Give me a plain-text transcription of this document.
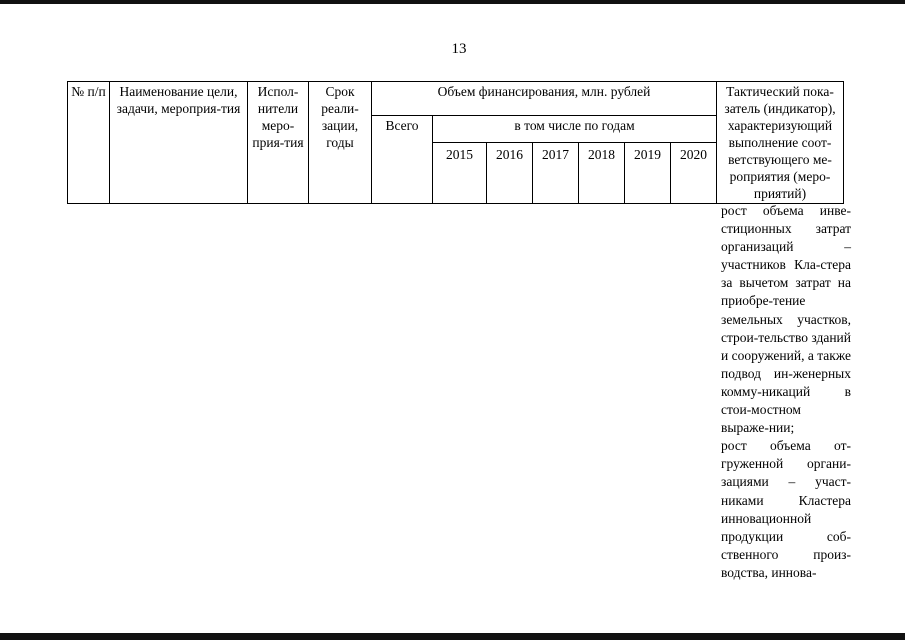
13
№ п/п	Наименование цели, задачи, мероприя-тия	Испол-нители меро-прия-тия	Срок реали-зации, годы	Объем финансирования, млн. рублей							Тактический пока-затель (индикатор), характеризующий выполнение соот-ветствующего ме-роприятия (меро-приятий)
				Всего	в том числе по годам						
					2015	2016	2017	2018	2019	2020	

рост объема инве-стиционных затрат организаций – участников Кла-стера за вычетом затрат на приобре-тение земельных участков, строи-тельство зданий и сооружений, а также подвод ин-женерных комму-никаций в стои-мостном выраже-нии;

рост объема от-груженной органи-зациями – участ-никами Кластера инновационной продукции соб-ственного произ-водства, иннова-
